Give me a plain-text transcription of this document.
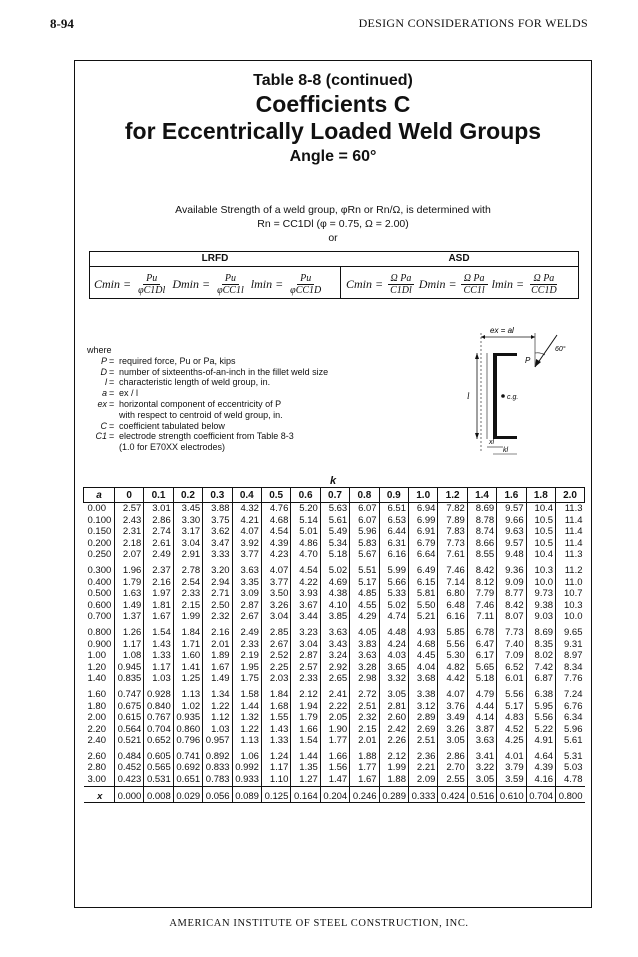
8-94	DESIGN CONSIDERATIONS FOR WELDS
Table 8-8 (continued)
Coefficients C
for Eccentrically Loaded Weld Groups
Angle = 60°
Available Strength of a weld group, φRn or Rn/Ω, is determined with
Rn = CC1Dl (φ = 0.75, Ω = 2.00)
or
LRFD	ASD
$Cmin = \frac{Pu}{\varphi C1Dl}$ $Dmin = \frac{Pu}{\text{φCC1l}}$ $lmin = \frac{Pu}{\text{φCC1D}}$ $Cmin = \frac{\text{Ω Pa}}{C1Dl}$ $Dmin = \frac{\text{Ω Pa}}{CC1l}$ $lmin = \frac{\text{Ω Pa}}{CC1D}$
where
P = required force, Pu or Pa, kips
D = number of sixteenths-of-an-inch in the fillet weld size
l = characteristic length of weld group, in.
a = ex / l
ex = horizontal component of eccentricity of P
with respect to centroid of weld group, in.
C = coefficient tabulated below
C1 = electrode strength coefficient from Table 8-3
(1.0 for E70XX electrodes)
ex = al
l	c.g.
60°
P
xl
kl
k
a	0	0.1	0.2	0.3	0.4	0.5	0.6	0.7	0.8	0.9	1.0	1.2	1.4	1.6	1.8	2.0
0.00	2.57	3.01	3.45	3.88	4.32	4.76	5.20	5.63	6.07	6.51	6.94	7.82	8.69	9.57	10.4	11.3
0.100	2.43	2.86	3.30	3.75	4.21	4.68	5.14	5.61	6.07	6.53	6.99	7.89	8.78	9.66	10.5	11.4
0.150	2.31	2.74	3.17	3.62	4.07	4.54	5.01	5.49	5.96	6.44	6.91	7.83	8.74	9.63	10.5	11.4
0.200	2.18	2.61	3.04	3.47	3.92	4.39	4.86	5.34	5.83	6.31	6.79	7.73	8.66	9.57	10.5	11.4
0.250	2.07	2.49	2.91	3.33	3.77	4.23	4.70	5.18	5.67	6.16	6.64	7.61	8.55	9.48	10.4	11.3
0.300	1.96	2.37	2.78	3.20	3.63	4.07	4.54	5.02	5.51	5.99	6.49	7.46	8.42	9.36	10.3	11.2
0.400	1.79	2.16	2.54	2.94	3.35	3.77	4.22	4.69	5.17	5.66	6.15	7.14	8.12	9.09	10.0	11.0
0.500	1.63	1.97	2.33	2.71	3.09	3.50	3.93	4.38	4.85	5.33	5.81	6.80	7.79	8.77	9.73	10.7
0.600	1.49	1.81	2.15	2.50	2.87	3.26	3.67	4.10	4.55	5.02	5.50	6.48	7.46	8.42	9.38	10.3
0.700	1.37	1.67	1.99	2.32	2.67	3.04	3.44	3.85	4.29	4.74	5.21	6.16	7.11	8.07	9.03	10.0
0.800	1.26	1.54	1.84	2.16	2.49	2.85	3.23	3.63	4.05	4.48	4.93	5.85	6.78	7.73	8.69	9.65
0.900	1.17	1.43	1.71	2.01	2.33	2.67	3.04	3.43	3.83	4.24	4.68	5.56	6.47	7.40	8.35	9.31
1.00	1.08	1.33	1.60	1.89	2.19	2.52	2.87	3.24	3.63	4.03	4.45	5.30	6.17	7.09	8.02	8.97
1.20	0.945	1.17	1.41	1.67	1.95	2.25	2.57	2.92	3.28	3.65	4.04	4.82	5.65	6.52	7.42	8.34
1.40	0.835	1.03	1.25	1.49	1.75	2.03	2.33	2.65	2.98	3.32	3.68	4.42	5.18	6.01	6.87	7.76
1.60	0.747	0.928	1.13	1.34	1.58	1.84	2.12	2.41	2.72	3.05	3.38	4.07	4.79	5.56	6.38	7.24
1.80	0.675	0.840	1.02	1.22	1.44	1.68	1.94	2.22	2.51	2.81	3.12	3.76	4.44	5.17	5.95	6.76
2.00	0.615	0.767	0.935	1.12	1.32	1.55	1.79	2.05	2.32	2.60	2.89	3.49	4.14	4.83	5.56	6.34
2.20	0.564	0.704	0.860	1.03	1.22	1.43	1.66	1.90	2.15	2.42	2.69	3.26	3.87	4.52	5.22	5.96
2.40	0.521	0.652	0.796	0.957	1.13	1.33	1.54	1.77	2.01	2.26	2.51	3.05	3.63	4.25	4.91	5.61
2.60	0.484	0.605	0.741	0.892	1.06	1.24	1.44	1.66	1.88	2.12	2.36	2.86	3.41	4.01	4.64	5.31
2.80	0.452	0.565	0.692	0.833	0.992	1.17	1.35	1.56	1.77	1.99	2.21	2.70	3.22	3.79	4.39	5.03
3.00	0.423	0.531	0.651	0.783	0.933	1.10	1.27	1.47	1.67	1.88	2.09	2.55	3.05	3.59	4.16	4.78
x	0.000	0.008	0.029	0.056	0.089	0.125	0.164	0.204	0.246	0.289	0.333	0.424	0.516	0.610	0.704	0.800
AMERICAN INSTITUTE OF STEEL CONSTRUCTION, INC.
